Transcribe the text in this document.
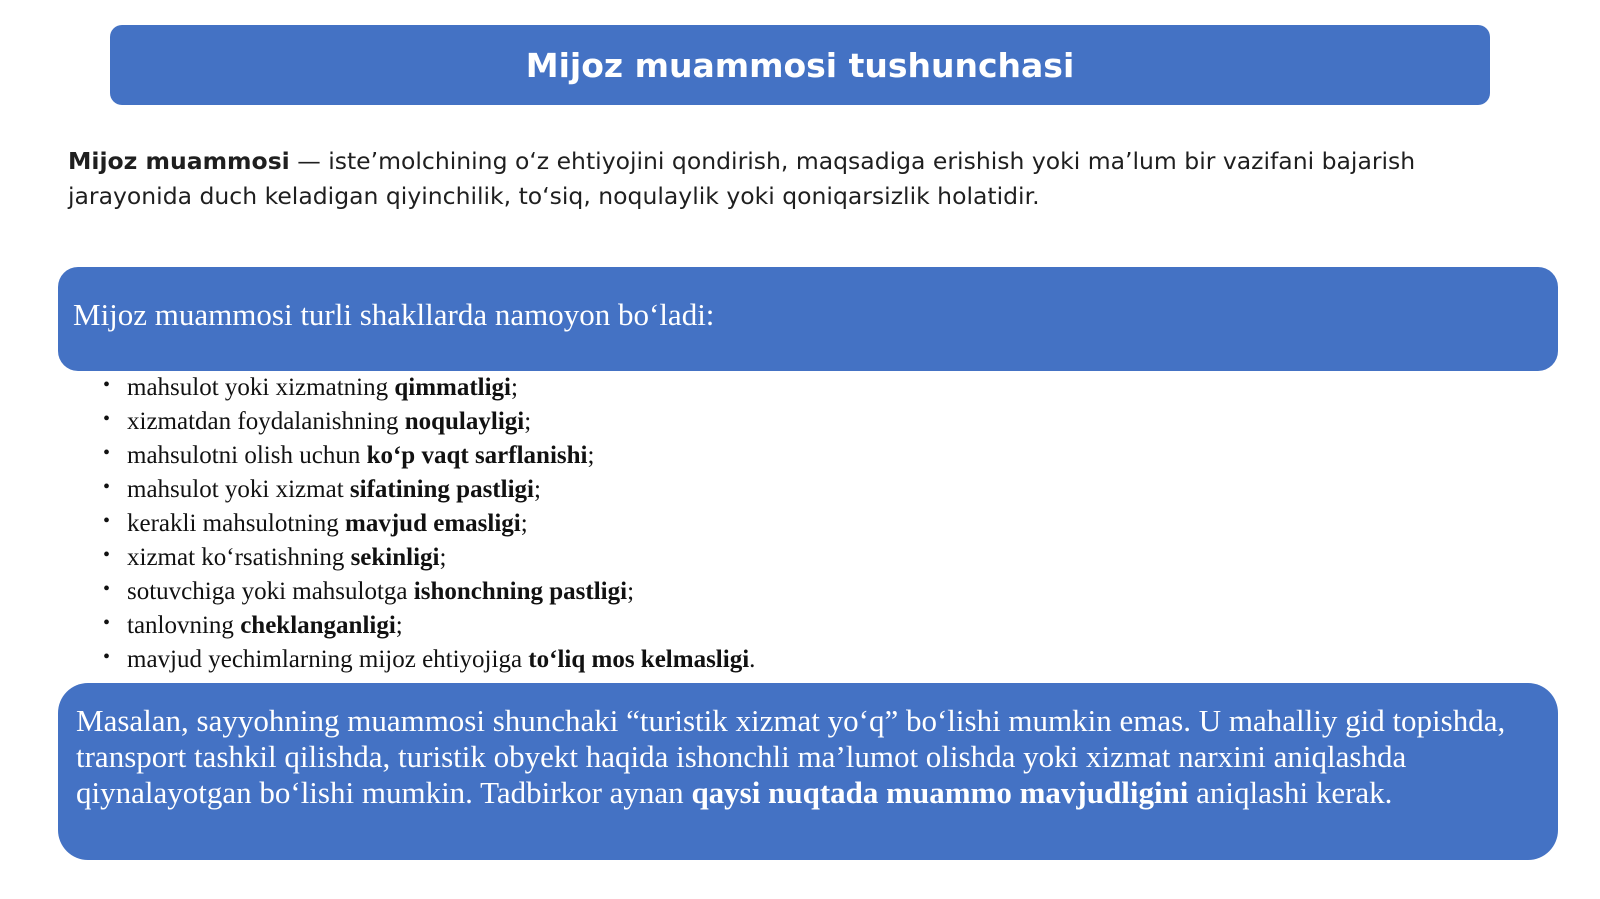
Mijoz muammosi tushunchasi
Mijoz muammosi — iste’molchining o‘z ehtiyojini qondirish, maqsadiga erishish yoki ma’lum bir vazifani bajarish jarayonida duch keladigan qiyinchilik, to‘siq, noqulaylik yoki qoniqarsizlik holatidir.
Mijoz muammosi turli shakllarda namoyon bo‘ladi:
• mahsulot yoki xizmatning qimmatligi;
• xizmatdan foydalanishning noqulayligi;
• mahsulotni olish uchun ko‘p vaqt sarflanishi;
• mahsulot yoki xizmat sifatining pastligi;
• kerakli mahsulotning mavjud emasligi;
• xizmat ko‘rsatishning sekinligi;
• sotuvchiga yoki mahsulotga ishonchning pastligi;
• tanlovning cheklanganligi;
• mavjud yechimlarning mijoz ehtiyojiga to‘liq mos kelmasligi.

Masalan, sayyohning muammosi shunchaki “turistik xizmat yo‘q” bo‘lishi mumkin emas. U mahalliy gid topishda, transport tashkil qilishda, turistik obyekt haqida ishonchli ma’lumot olishda yoki xizmat narxini aniqlashda qiynalayotgan bo‘lishi mumkin. Tadbirkor aynan qaysi nuqtada muammo mavjudligini aniqlashi kerak.
